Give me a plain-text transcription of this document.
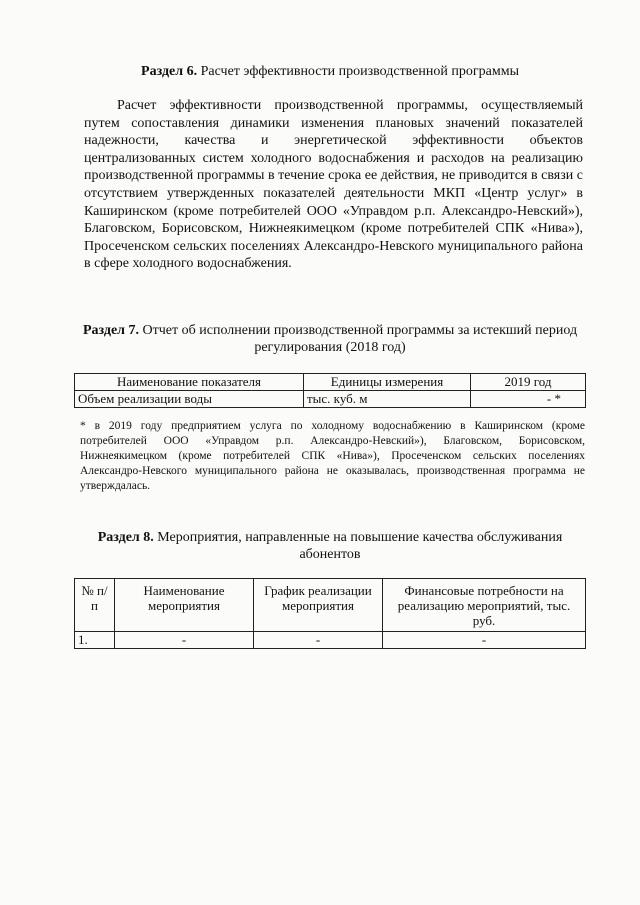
Раздел 6. Расчет эффективности производственной программы
Расчет эффективности производственной программы, осуществляемый путем сопоставления динамики изменения плановых значений показателей надежности, качества и энергетической эффективности объектов централизованных систем холодного водоснабжения и расходов на реализацию производственной программы в течение срока ее действия, не приводится в связи с отсутствием утвержденных показателей деятельности МКП «Центр услуг» в Каширинском (кроме потребителей ООО «Управдом р.п. Александро-Невский»), Благовском, Борисовском, Нижнеякимецком (кроме потребителей СПК «Нива»), Просеченском сельских поселениях Александро-Невского муниципального района в сфере холодного водоснабжения.
Раздел 7. Отчет об исполнении производственной программы за истекший период регулирования (2018 год)
Наименование показателя	Единицы измерения	2019 год
Объем реализации воды	тыс. куб. м	- *
* в 2019 году предприятием услуга по холодному водоснабжению в Каширинском (кроме потребителей ООО «Управдом р.п. Александро-Невский»), Благовском, Борисовском, Нижнеякимецком (кроме потребителей СПК «Нива»), Просеченском сельских поселениях Александро-Невского муниципального района не оказывалась, производственная программа не утверждалась.
Раздел 8. Мероприятия, направленные на повышение качества обслуживания абонентов
№ п/п	Наименование мероприятия	График реализации мероприятия	Финансовые потребности на реализацию мероприятий, тыс. руб.
1.	-	-	-
